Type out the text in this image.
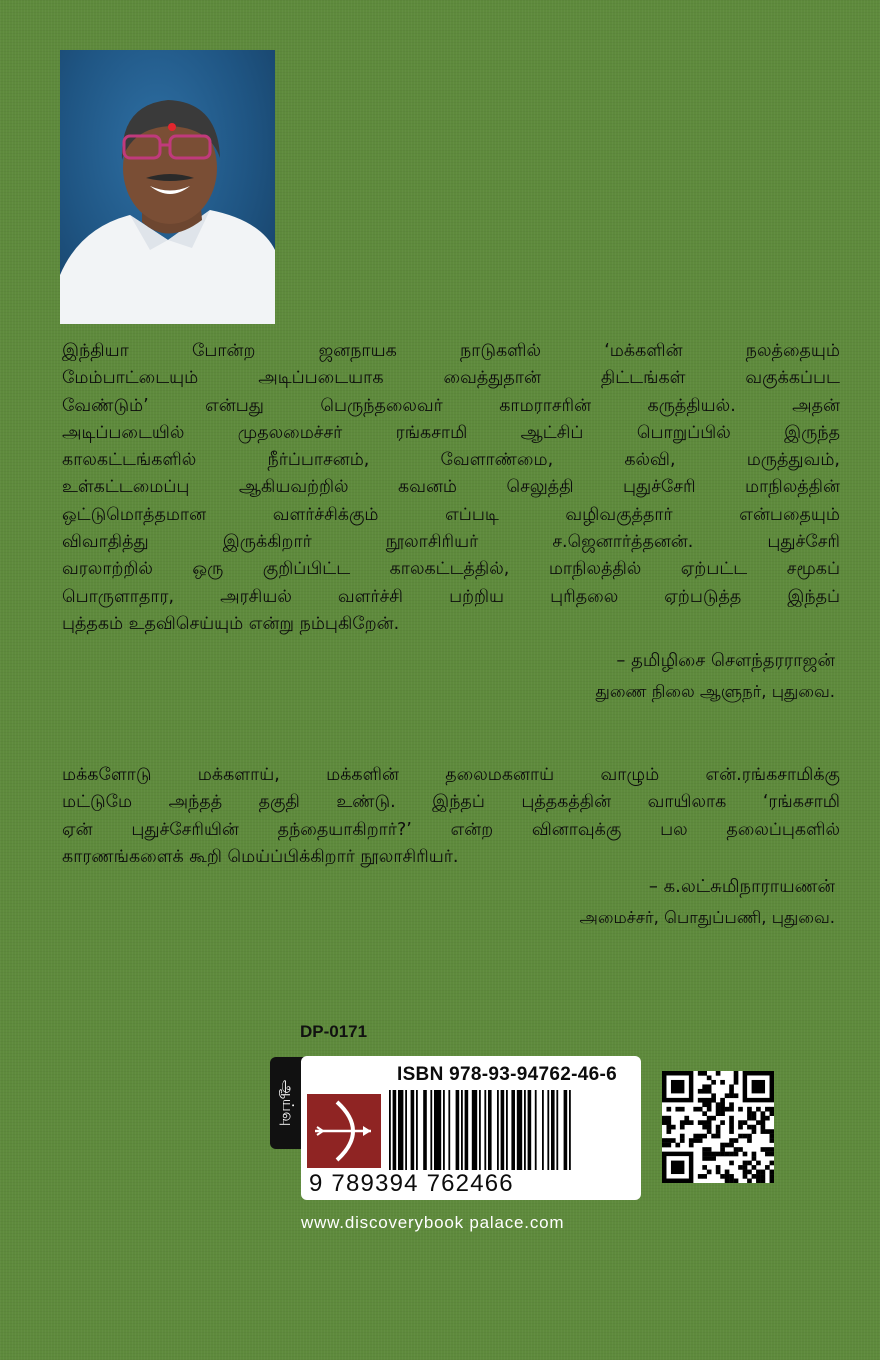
இந்தியா போன்ற ஜனநாயக நாடுகளில் ‘மக்களின் நலத்தையும்
மேம்பாட்டையும் அடிப்படையாக வைத்துதான் திட்டங்கள் வகுக்கப்பட
வேண்டும்’ என்பது பெருந்தலைவர் காமராசரின் கருத்தியல். அதன்
அடிப்படையில் முதலமைச்சர் ரங்கசாமி ஆட்சிப் பொறுப்பில் இருந்த
காலகட்டங்களில் நீர்ப்பாசனம், வேளாண்மை, கல்வி, மருத்துவம்,
உள்கட்டமைப்பு ஆகியவற்றில் கவனம் செலுத்தி புதுச்சேரி மாநிலத்தின்
ஒட்டுமொத்தமான வளர்ச்சிக்கும் எப்படி வழிவகுத்தார் என்பதையும்
விவாதித்து இருக்கிறார் நூலாசிரியர் ச.ஜெனார்த்தனன். புதுச்சேரி
வரலாற்றில் ஒரு குறிப்பிட்ட காலகட்டத்தில், மாநிலத்தில் ஏற்பட்ட சமூகப்
பொருளாதார, அரசியல் வளர்ச்சி பற்றிய புரிதலை ஏற்படுத்த இந்தப்
புத்தகம் உதவிசெய்யும் என்று நம்புகிறேன்.
– தமிழிசை சௌந்தரராஜன்
துணை நிலை ஆளுநர், புதுவை.
மக்களோடு மக்களாய், மக்களின் தலைமகனாய் வாழும் என்.ரங்கசாமிக்கு
மட்டுமே அந்தத் தகுதி உண்டு. இந்தப் புத்தகத்தின் வாயிலாக ‘ரங்கசாமி
ஏன் புதுச்சேரியின் தந்தையாகிறார்?’ என்ற வினாவுக்கு பல தலைப்புகளில்
காரணங்களைக் கூறி மெய்ப்பிக்கிறார் நூலாசிரியர்.
– க.லட்சுமிநாராயணன்
அமைச்சர், பொதுப்பணி, புதுவை.
DP-0171
ஆய்வு
ISBN 978-93-94762-46-6
9 789394 762466
www.discoverybook palace.com
